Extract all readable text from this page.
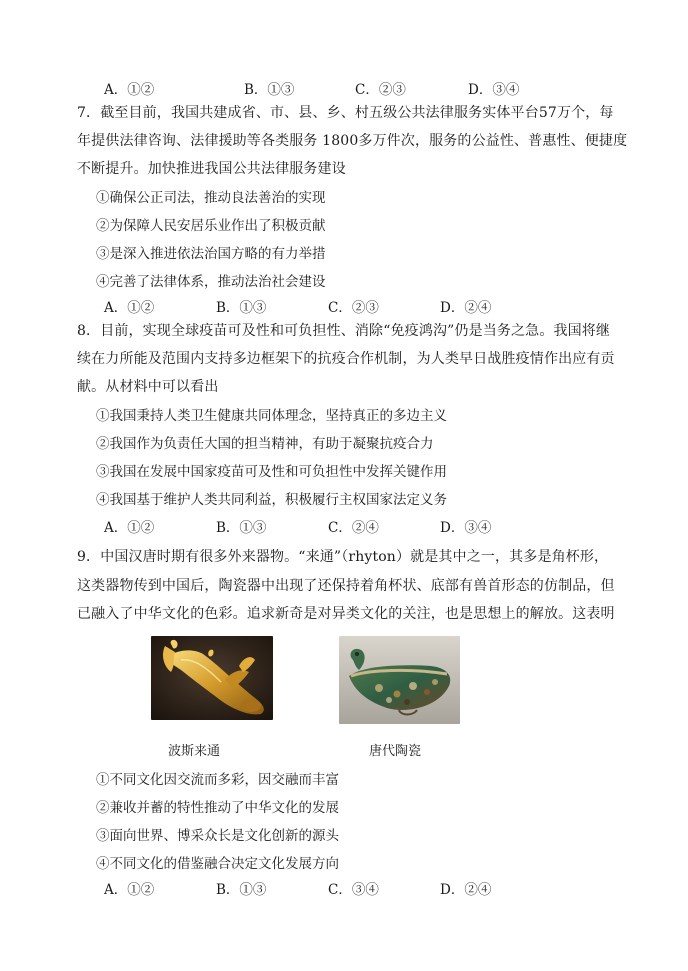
A．①②	B．①③	C．②③	D．③④
7．截至目前，我国共建成省、市、县、乡、村五级公共法律服务实体平台57万个，每
年提供法律咨询、法律援助等各类服务 1800多万件次，服务的公益性、普惠性、便捷度
不断提升。加快推进我国公共法律服务建设
①确保公正司法，推动良法善治的实现
②为保障人民安居乐业作出了积极贡献
③是深入推进依法治国方略的有力举措
④完善了法律体系，推动法治社会建设
A．①②	B．①③	C．②③	D．②④
8．目前，实现全球疫苗可及性和可负担性、消除“免疫鸿沟”仍是当务之急。我国将继
续在力所能及范围内支持多边框架下的抗疫合作机制，为人类早日战胜疫情作出应有贡
献。从材料中可以看出
①我国秉持人类卫生健康共同体理念，坚持真正的多边主义
②我国作为负责任大国的担当精神，有助于凝聚抗疫合力
③我国在发展中国家疫苗可及性和可负担性中发挥关键作用
④我国基于维护人类共同利益，积极履行主权国家法定义务
A．①②	B．①③	C．②④	D．③④
9．中国汉唐时期有很多外来器物。“来通”（rhyton）就是其中之一，其多是角杯形，
这类器物传到中国后，陶瓷器中出现了还保持着角杯状、底部有兽首形态的仿制品，但
已融入了中华文化的色彩。追求新奇是对异类文化的关注，也是思想上的解放。这表明
波斯来通	唐代陶瓷
①不同文化因交流而多彩，因交融而丰富
②兼收并蓄的特性推动了中华文化的发展
③面向世界、博采众长是文化创新的源头
④不同文化的借鉴融合决定文化发展方向
A．①②	B．①③	C．③④	D．②④
